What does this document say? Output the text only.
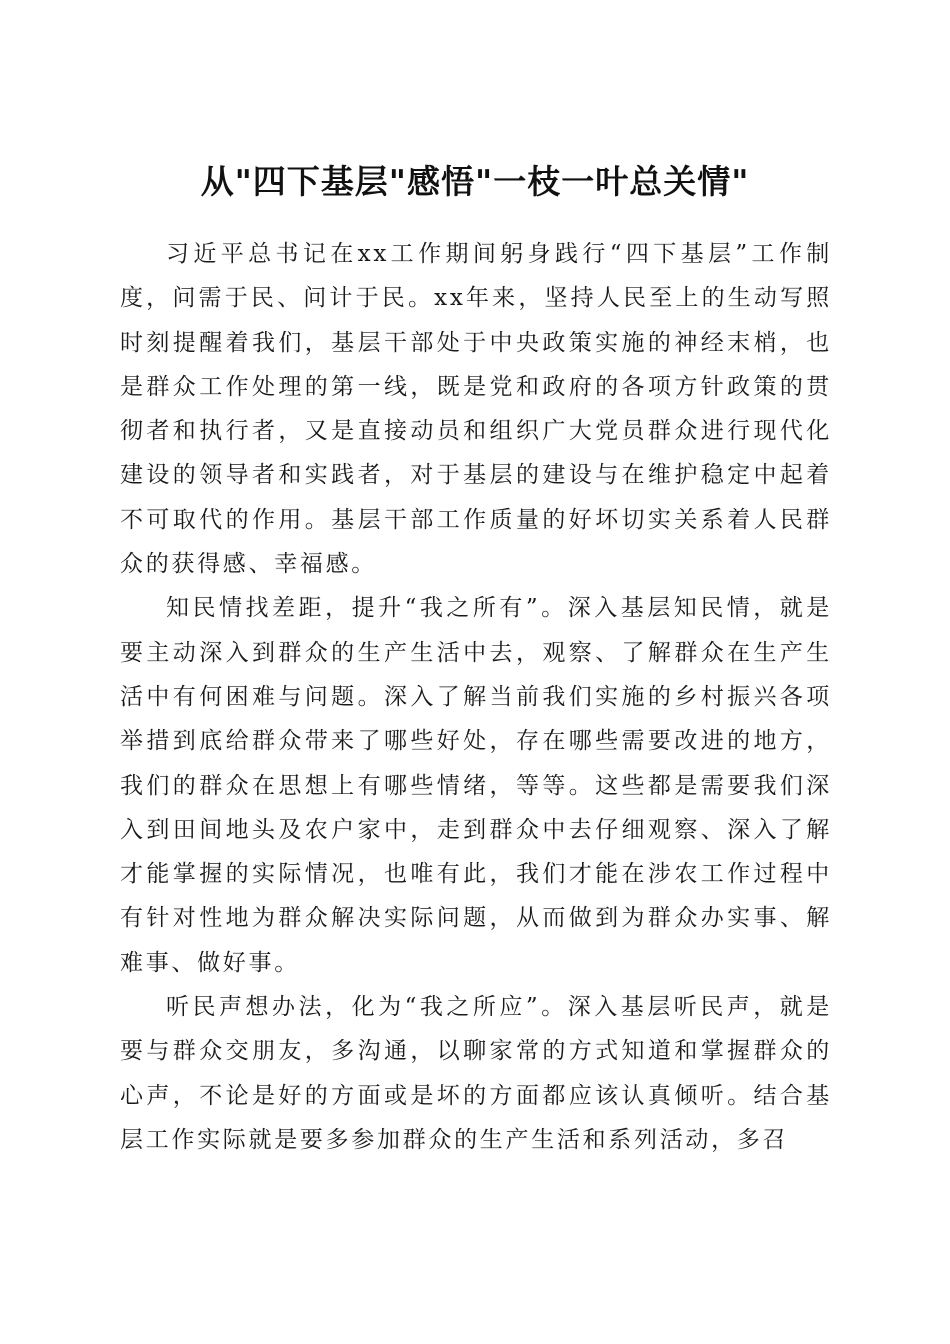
从"四下基层"感悟"一枝一叶总关情"

习近平总书记在xx工作期间躬身践行“四下基层”工作制度，问需于民、问计于民。xx年来，坚持人民至上的生动写照时刻提醒着我们，基层干部处于中央政策实施的神经末梢，也是群众工作处理的第一线，既是党和政府的各项方针政策的贯彻者和执行者，又是直接动员和组织广大党员群众进行现代化建设的领导者和实践者，对于基层的建设与在维护稳定中起着不可取代的作用。基层干部工作质量的好坏切实关系着人民群众的获得感、幸福感。

知民情找差距，提升“我之所有”。深入基层知民情，就是要主动深入到群众的生产生活中去，观察、了解群众在生产生活中有何困难与问题。深入了解当前我们实施的乡村振兴各项举措到底给群众带来了哪些好处，存在哪些需要改进的地方，我们的群众在思想上有哪些情绪，等等。这些都是需要我们深入到田间地头及农户家中，走到群众中去仔细观察、深入了解才能掌握的实际情况，也唯有此，我们才能在涉农工作过程中有针对性地为群众解决实际问题，从而做到为群众办实事、解难事、做好事。

听民声想办法，化为“我之所应”。深入基层听民声，就是要与群众交朋友，多沟通，以聊家常的方式知道和掌握群众的心声，不论是好的方面或是坏的方面都应该认真倾听。结合基层工作实际就是要多参加群众的生产生活和系列活动，多召
